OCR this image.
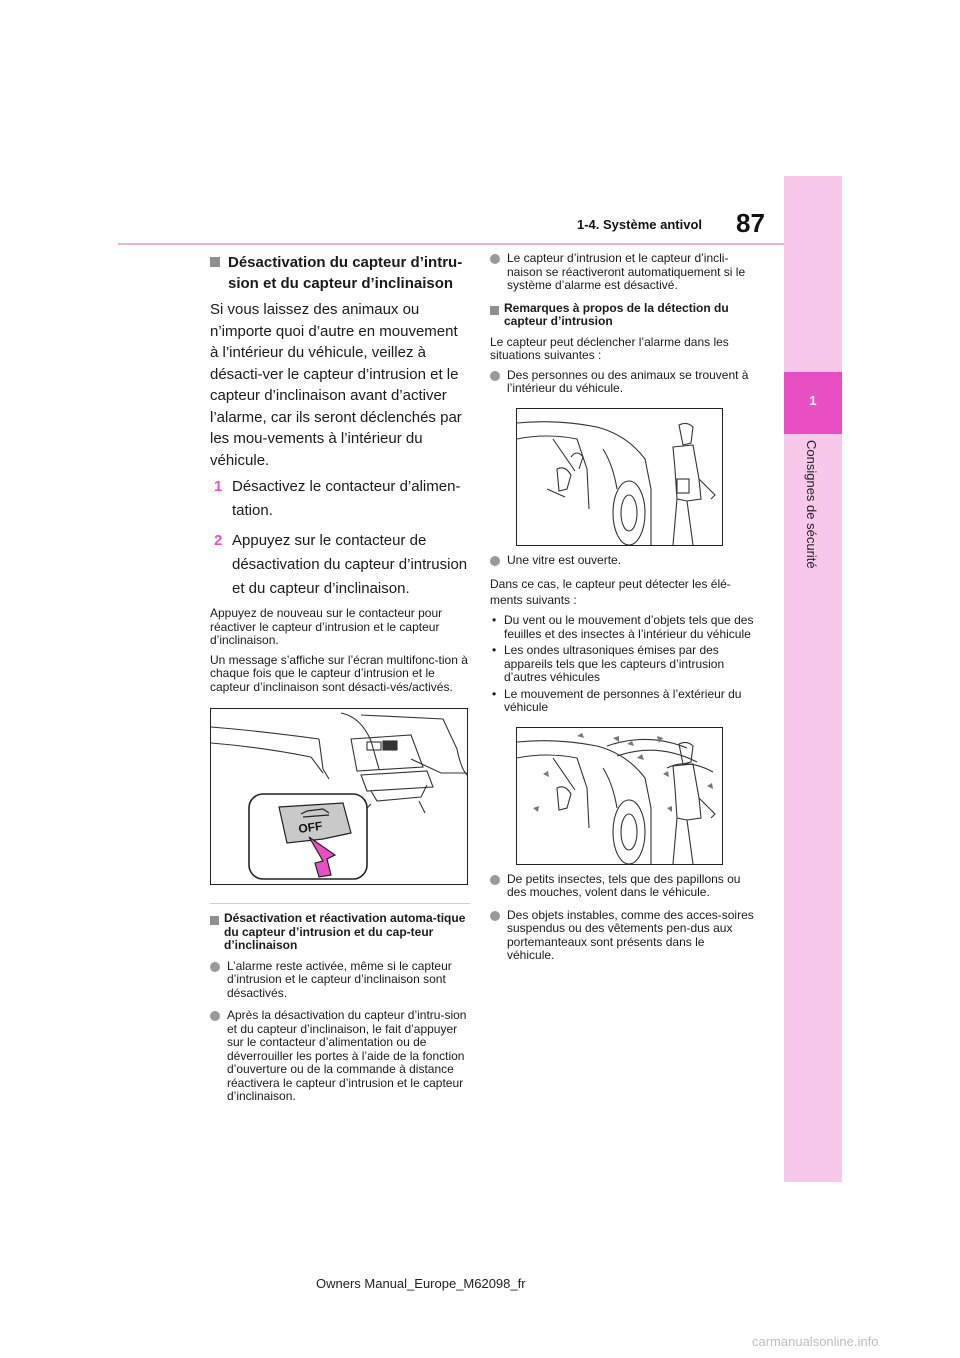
87
1-4. Système antivol
1
Consignes de sécurité
Désactivation du capteur d’intru-sion et du capteur d’inclinaison

Si vous laissez des animaux ou n’importe quoi d’autre en mouvement à l’intérieur du véhicule, veillez à désacti-ver le capteur d’intrusion et le capteur d’inclinaison avant d’activer l’alarme, car ils seront déclenchés par les mou-vements à l’intérieur du véhicule.

1 Désactivez le contacteur d’alimen-tation.
2 Appuyez sur le contacteur de désactivation du capteur d’intrusion et du capteur d’inclinaison.

Appuyez de nouveau sur le contacteur pour réactiver le capteur d’intrusion et le capteur d’inclinaison.

Un message s’affiche sur l’écran multifonc-tion à chaque fois que le capteur d’intrusion et le capteur d’inclinaison sont désacti-vés/activés.

OFF
Désactivation et réactivation automa-tique du capteur d’intrusion et du cap-teur d’inclinaison
L’alarme reste activée, même si le capteur d’intrusion et le capteur d’inclinaison sont désactivés.
Après la désactivation du capteur d’intru-sion et du capteur d’inclinaison, le fait d’appuyer sur le contacteur d’alimentation ou de déverrouiller les portes à l’aide de la fonction d’ouverture ou de la commande à distance réactivera le capteur d’intrusion et le capteur d’inclinaison.
Le capteur d’intrusion et le capteur d’incli-naison se réactiveront automatiquement si le système d’alarme est désactivé.
Remarques à propos de la détection du capteur d’intrusion

Le capteur peut déclencher l’alarme dans les situations suivantes :

Des personnes ou des animaux se trouvent à l’intérieur du véhicule.
Une vitre est ouverte.

Dans ce cas, le capteur peut détecter les élé-ments suivants :

• Du vent ou le mouvement d’objets tels que des feuilles et des insectes à l’intérieur du véhicule
• Les ondes ultrasoniques émises par des appareils tels que les capteurs d’intrusion d’autres véhicules
• Le mouvement de personnes à l’extérieur du véhicule
De petits insectes, tels que des papillons ou des mouches, volent dans le véhicule.
Des objets instables, comme des acces-soires suspendus ou des vêtements pen-dus aux portemanteaux sont présents dans le véhicule.
Owners Manual_Europe_M62098_fr
carmanualsonline.info
